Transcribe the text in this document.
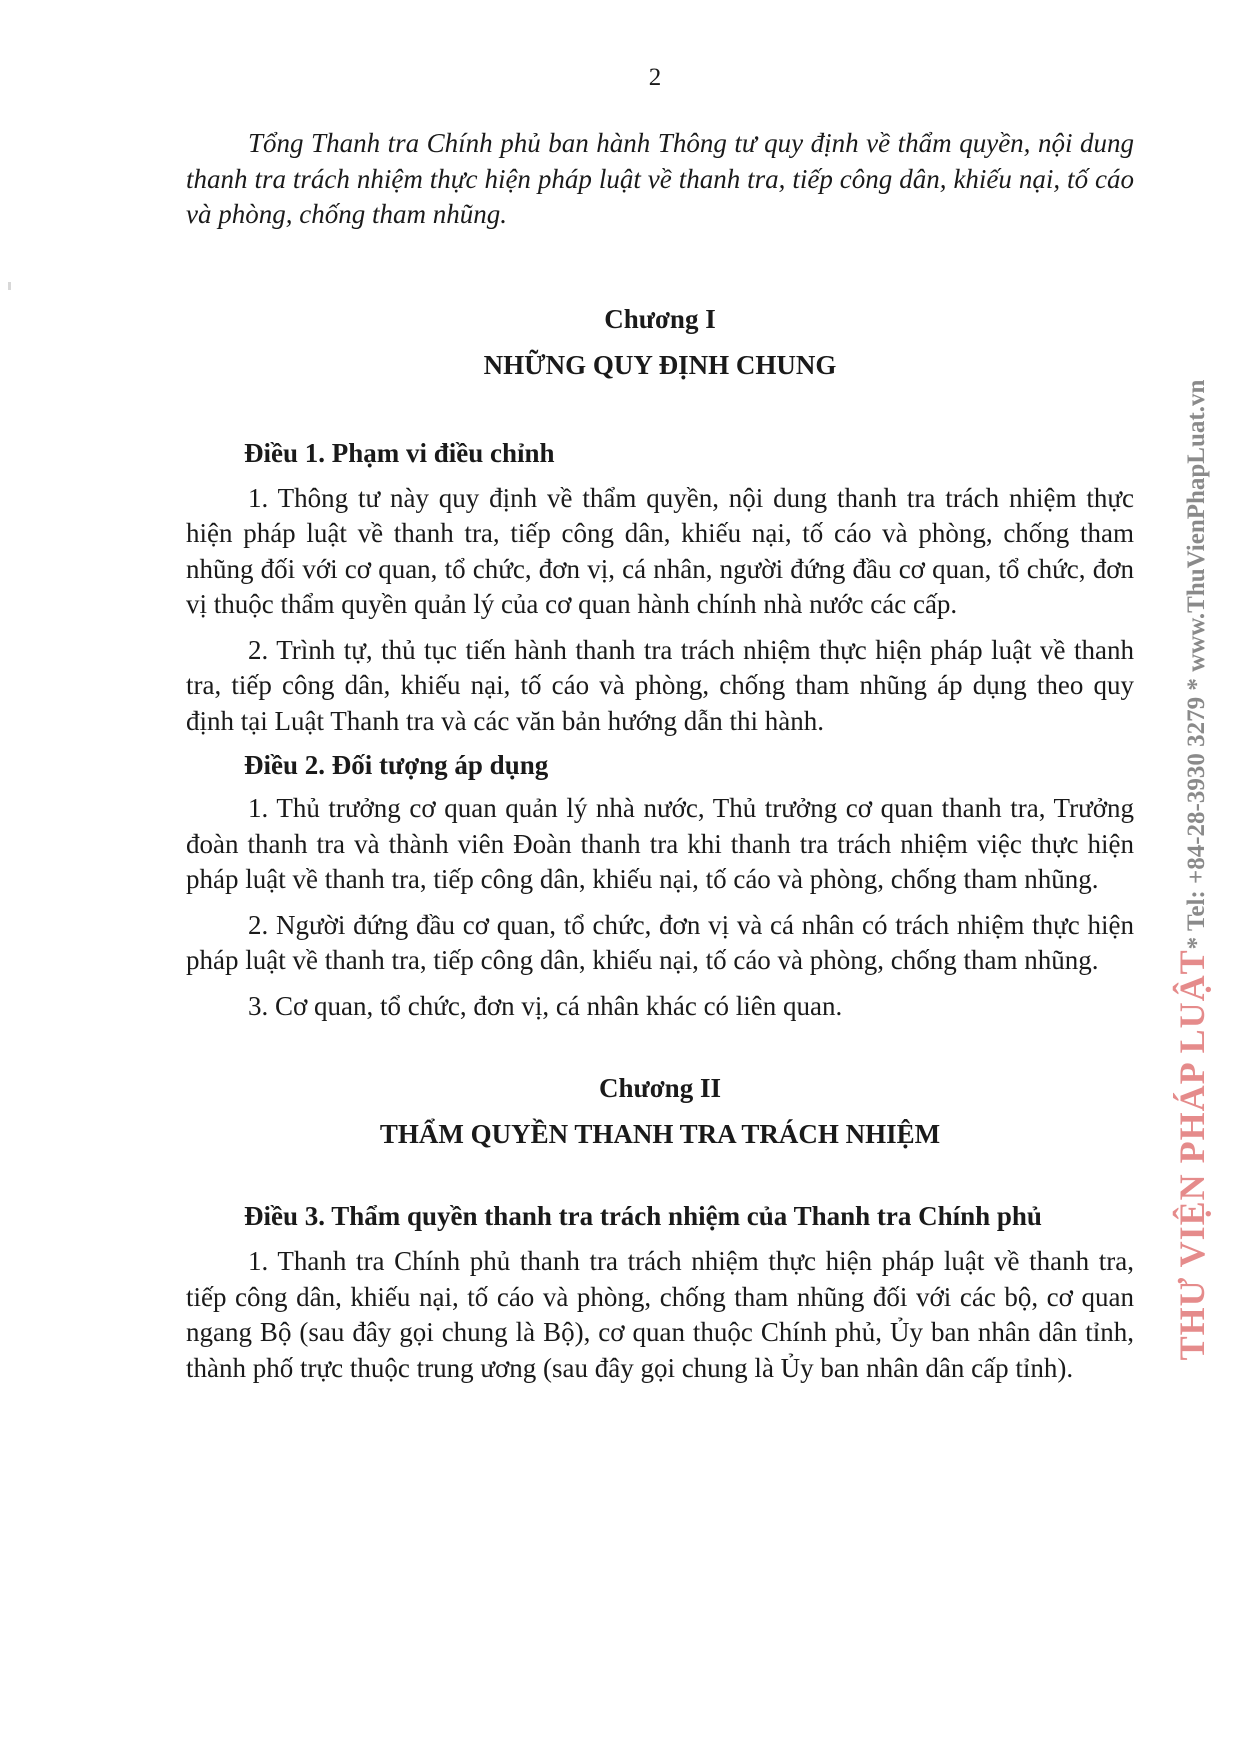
2

Tổng Thanh tra Chính phủ ban hành Thông tư quy định về thẩm quyền, nội dung thanh tra trách nhiệm thực hiện pháp luật về thanh tra, tiếp công dân, khiếu nại, tố cáo và phòng, chống tham nhũng.

Chương I

NHỮNG QUY ĐỊNH CHUNG

Điều 1. Phạm vi điều chỉnh

1. Thông tư này quy định về thẩm quyền, nội dung thanh tra trách nhiệm thực hiện pháp luật về thanh tra, tiếp công dân, khiếu nại, tố cáo và phòng, chống tham nhũng đối với cơ quan, tổ chức, đơn vị, cá nhân, người đứng đầu cơ quan, tổ chức, đơn vị thuộc thẩm quyền quản lý của cơ quan hành chính nhà nước các cấp.

2. Trình tự, thủ tục tiến hành thanh tra trách nhiệm thực hiện pháp luật về thanh tra, tiếp công dân, khiếu nại, tố cáo và phòng, chống tham nhũng áp dụng theo quy định tại Luật Thanh tra và các văn bản hướng dẫn thi hành.

Điều 2. Đối tượng áp dụng

1. Thủ trưởng cơ quan quản lý nhà nước, Thủ trưởng cơ quan thanh tra, Trưởng đoàn thanh tra và thành viên Đoàn thanh tra khi thanh tra trách nhiệm việc thực hiện pháp luật về thanh tra, tiếp công dân, khiếu nại, tố cáo và phòng, chống tham nhũng.

2. Người đứng đầu cơ quan, tổ chức, đơn vị và cá nhân có trách nhiệm thực hiện pháp luật về thanh tra, tiếp công dân, khiếu nại, tố cáo và phòng, chống tham nhũng.

3. Cơ quan, tổ chức, đơn vị, cá nhân khác có liên quan.

Chương II

THẨM QUYỀN THANH TRA TRÁCH NHIỆM

Điều 3. Thẩm quyền thanh tra trách nhiệm của Thanh tra Chính phủ

1. Thanh tra Chính phủ thanh tra trách nhiệm thực hiện pháp luật về thanh tra, tiếp công dân, khiếu nại, tố cáo và phòng, chống tham nhũng đối với các bộ, cơ quan ngang Bộ (sau đây gọi chung là Bộ), cơ quan thuộc Chính phủ, Ủy ban nhân dân tỉnh, thành phố trực thuộc trung ương (sau đây gọi chung là Ủy ban nhân dân cấp tỉnh).

THƯ VIỆN PHÁP LUẬT* Tel: +84-28-3930 3279 * www.ThuVienPhapLuat.vn
